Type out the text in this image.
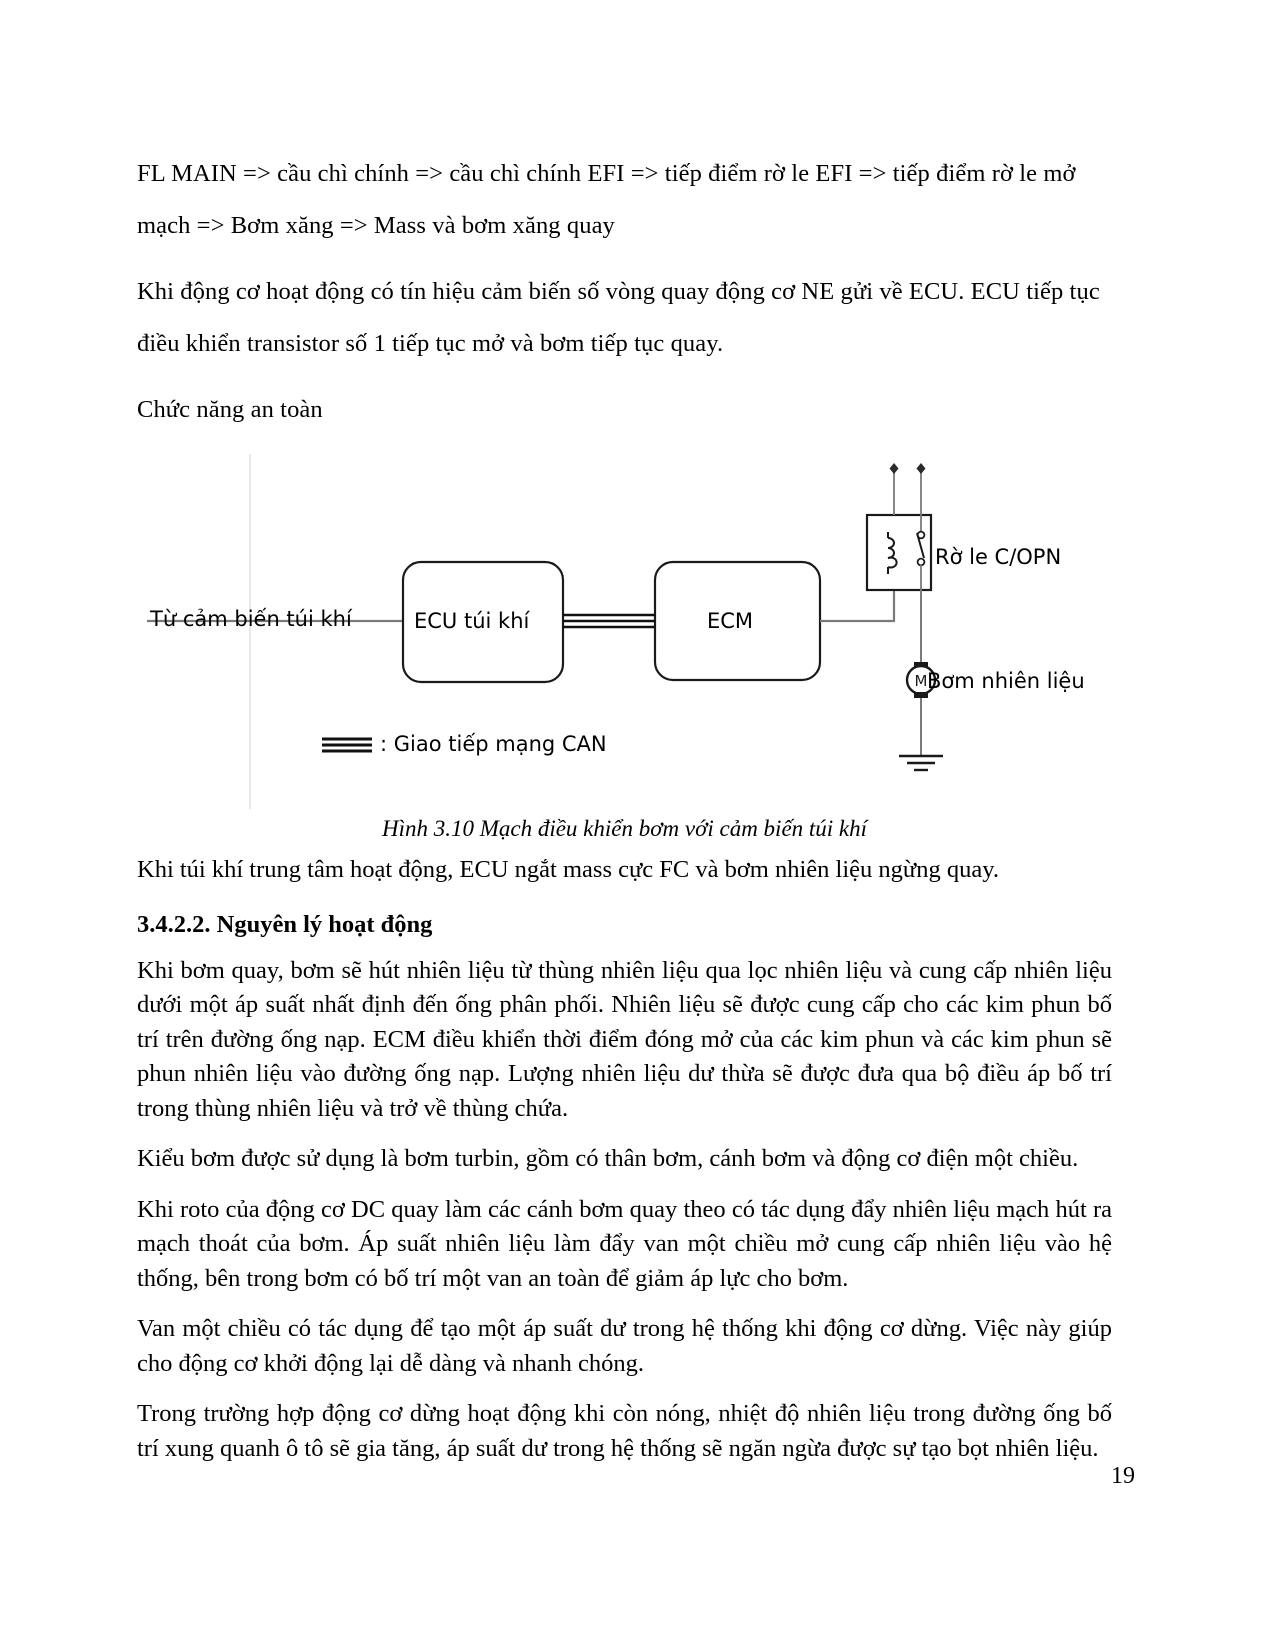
FL MAIN => cầu chì chính => cầu chì chính EFI => tiếp điểm rờ le EFI => tiếp điểm rờ le mở mạch => Bơm xăng => Mass và bơm xăng quay

Khi động cơ hoạt động có tín hiệu cảm biến số vòng quay động cơ NE gửi về ECU. ECU tiếp tục điều khiển transistor số 1 tiếp tục mở và bơm tiếp tục quay.

Chức năng an toàn

M
Từ cảm biến túi khí	ECU túi khí	ECM
Rờ le C/OPN
Bơm nhiên liệu
: Giao tiếp mạng CAN

Hình 3.10 Mạch điều khiển bơm với cảm biến túi khí

Khi túi khí trung tâm hoạt động, ECU ngắt mass cực FC và bơm nhiên liệu ngừng quay.

3.4.2.2. Nguyên lý hoạt động

Khi bơm quay, bơm sẽ hút nhiên liệu từ thùng nhiên liệu qua lọc nhiên liệu và cung cấp nhiên liệu dưới một áp suất nhất định đến ống phân phối. Nhiên liệu sẽ được cung cấp cho các kim phun bố trí trên đường ống nạp. ECM điều khiển thời điểm đóng mở của các kim phun và các kim phun sẽ phun nhiên liệu vào đường ống nạp. Lượng nhiên liệu dư thừa sẽ được đưa qua bộ điều áp bố trí trong thùng nhiên liệu và trở về thùng chứa.

Kiểu bơm được sử dụng là bơm turbin, gồm có thân bơm, cánh bơm và động cơ điện một chiều.

Khi roto của động cơ DC quay làm các cánh bơm quay theo có tác dụng đẩy nhiên liệu mạch hút ra mạch thoát của bơm. Áp suất nhiên liệu làm đẩy van một chiều mở cung cấp nhiên liệu vào hệ thống, bên trong bơm có bố trí một van an toàn để giảm áp lực cho bơm.

Van một chiều có tác dụng để tạo một áp suất dư trong hệ thống khi động cơ dừng. Việc này giúp cho động cơ khởi động lại dễ dàng và nhanh chóng.

Trong trường hợp động cơ dừng hoạt động khi còn nóng, nhiệt độ nhiên liệu trong đường ống bố trí xung quanh ô tô sẽ gia tăng, áp suất dư trong hệ thống sẽ ngăn ngừa được sự tạo bọt nhiên liệu.

19
